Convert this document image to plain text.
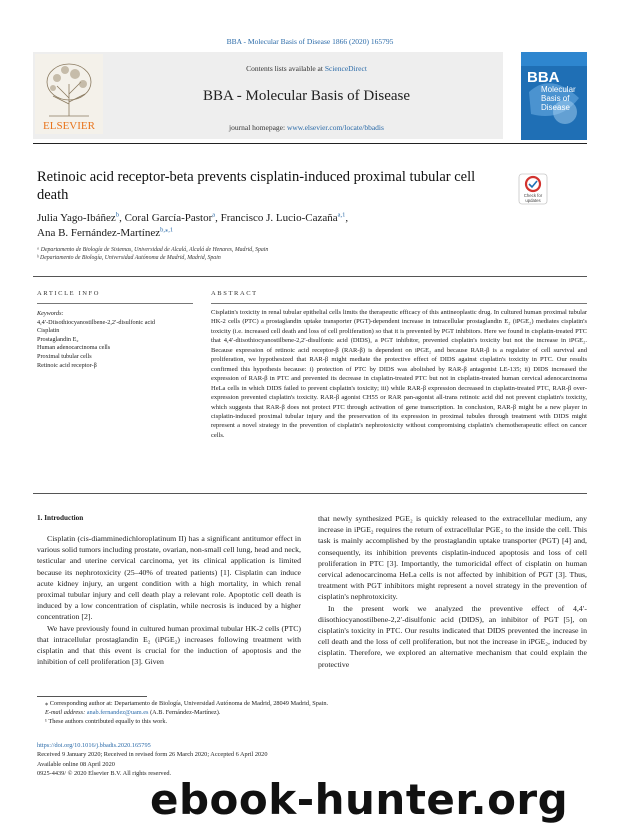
BBA - Molecular Basis of Disease 1866 (2020) 165795
ELSEVIER
Contents lists available at ScienceDirect
BBA - Molecular Basis of Disease
journal homepage: www.elsevier.com/locate/bbadis
BBA
Molecular
Basis of
Disease
Retinoic acid receptor-beta prevents cisplatin-induced proximal tubular cell death	Check for
updates
Julia Yago-Ibáñez$^b$, Coral García-Pastor$^a$, Francisco J. Lucio-Cazaña$^{a,1}$,
Ana B. Fernández-Martínez$^{b,⁎,1}$
ᵃ Departamento de Biología de Sistemas, Universidad de Alcalá, Alcalá de Henares, Madrid, Spain
ᵇ Departamento de Biología, Universidad Autónoma de Madrid, Madrid, Spain
ARTICLE INFO	ABSTRACT
Keywords:
4,4′-Diisothiocyanostilbene-2,2′-disulfonic acid
Cisplatin
Prostaglandin E₂
Human adenocarcinoma cells
Proximal tubular cells
Retinoic acid receptor-β
Cisplatin's toxicity in renal tubular epithelial cells limits the therapeutic efficacy of this antineoplastic drug. In cultured human proximal tubular HK-2 cells (PTC) a prostaglandin uptake transporter (PGT)-dependent increase in intracellular prostaglandin E₂ (iPGE₂) mediates cisplatin's toxicity (i.e. increased cell death and loss of cell proliferation) so that it is prevented by PGT inhibitors. Here we found in cisplatin-treated PTC that 4,4′-diisothiocyanostilbene-2,2′-disulfonic acid (DIDS), a PGT inhibitor, prevented cisplatin's toxicity but not the increase in iPGE₂. Because expression of retinoic acid receptor-β (RAR-β) is dependent on iPGE₂ and because RAR-β is a regulator of cell survival and proliferation, we hypothesized that RAR-β might mediate the protective effect of DIDS against cisplatin's toxicity in PTC. Our results confirmed this hypothesis because: i) protection of PTC by DIDS was abolished by RAR-β antagonist LE-135; ii) DIDS increased the expression of RAR-β in PTC and prevented its decrease in cisplatin-treated PTC but not in cisplatin-treated human cervical adenocarcinoma HeLa cells in which DIDS failed to prevent cisplatin's toxicity; iii) while RAR-β expression decreased in cisplatin-treated PTC, RAR-β over-expression prevented cisplatin's toxicity. RAR-β agonist CH55 or RAR pan-agonist all-trans retinoic acid did not prevent cisplatin's toxicity, which suggests that RAR-β does not protect PTC through activation of gene transcription. In conclusion, RAR-β might be a new player in cisplatin-induced proximal tubular injury and the preservation of its expression in proximal tubules through treatment with DIDS might represent a novel strategy in the prevention of cisplatin's nephrotoxicity without compromising cisplatin's chemotherapeutic effect on cancer cells.
1. Introduction

Cisplatin (cis-diamminedichloroplatinum II) has a significant antitumor effect in various solid tumors including prostate, ovarian, non-small cell lung, head and neck, testicular and uterine cervical carcinoma, yet its clinical application is limited because its nephrotoxicity (25–40% of treated patients) [1]. Cisplatin can induce acute kidney injury, an urgent condition with a high mortality, in which renal proximal tubular injury and cell death play a relevant role. Apoptotic cell death is induced by a low concentration of cisplatin, while necrosis is induced by a higher concentration [2].

We have previously found in cultured human proximal tubular HK-2 cells (PTC) that intracellular prostaglandin E₂ (iPGE₂) increases following treatment with cisplatin and that this event is crucial for the induction of apoptosis and the inhibition of cell proliferation [3]. Given

that newly synthesized PGE₂ is quickly released to the extracellular medium, any increase in iPGE₂ requires the return of extracellular PGE₂ to the inside the cell. This task is mainly accomplished by the prostaglandin uptake transporter (PGT) [4] and, consequently, its inhibition prevents cisplatin-induced apoptosis and loss of cell proliferation in PTC [3]. Importantly, the tumoricidal effect of cisplatin on human cervical adenocarcinoma HeLa cells is not affected by inhibition of PGT [3]. Thus, treatment with PGT inhibitors might represent a novel strategy in the prevention of cisplatin's nephrotoxicity.

In the present work we analyzed the preventive effect of 4,4′-diisothiocyanostilbene-2,2′-disulfonic acid (DIDS), an inhibitor of PGT [5], on cisplatin's toxicity in PTC. Our results indicated that DIDS prevented the increase in cell death and the loss of cell proliferation, but not the increase in iPGE₂, induced by cisplatin. Therefore, we explored an alternative mechanism that could explain the protective

⁎ Corresponding author at: Departamento de Biología, Universidad Autónoma de Madrid, 28049 Madrid, Spain.
E-mail address: anab.fernandez@uam.es (A.B. Fernández-Martínez).
¹ These authors contributed equally to this work.
https://doi.org/10.1016/j.bbadis.2020.165795
Received 9 January 2020; Received in revised form 26 March 2020; Accepted 6 April 2020
Available online 08 April 2020
0925-4439/ © 2020 Elsevier B.V. All rights reserved.
ebook-hunter.org
